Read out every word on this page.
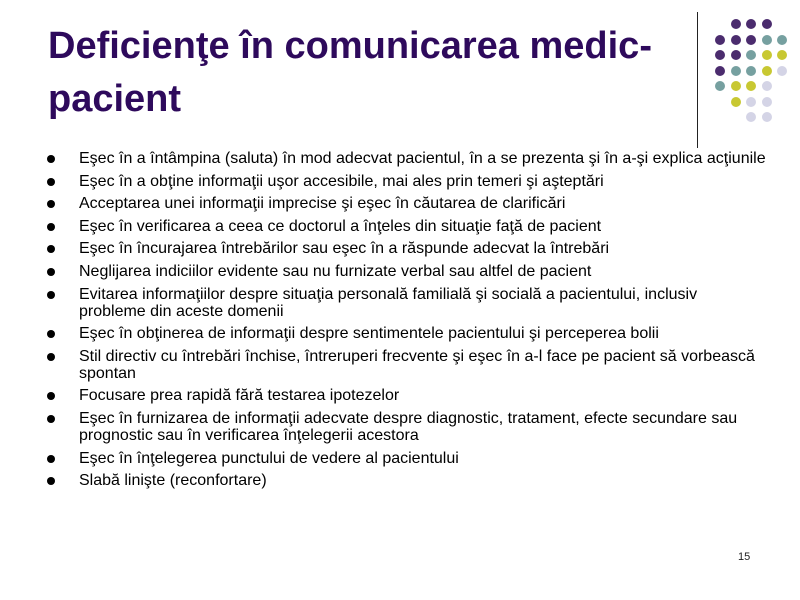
Deficienţe în comunicarea medic-pacient
Eşec în a întâmpina (saluta) în mod adecvat pacientul, în a se prezenta şi în a-şi explica acţiunile
Eşec în a obţine informaţii uşor accesibile, mai ales prin temeri şi aşteptări
Acceptarea unei informaţii imprecise şi eşec în căutarea de clarificări
Eşec în verificarea a ceea ce doctorul a înţeles din situaţie faţă de pacient
Eşec în încurajarea întrebărilor sau eşec în a răspunde adecvat la întrebări
Neglijarea indiciilor evidente sau nu furnizate verbal sau altfel de pacient
Evitarea informaţiilor despre situaţia personală familială şi socială a pacientului, inclusiv probleme din aceste domenii
Eşec în obţinerea de informaţii despre sentimentele pacientului şi perceperea bolii
Stil directiv cu întrebări închise, întreruperi frecvente şi eşec în a-l face pe pacient să vorbească spontan
Focusare prea rapidă fără testarea ipotezelor
Eşec în furnizarea de informaţii adecvate despre diagnostic, tratament, efecte secundare sau prognostic sau în verificarea înţelegerii acestora
Eşec în înţelegerea punctului de vedere al pacientului
Slabă linişte (reconfortare)
15
